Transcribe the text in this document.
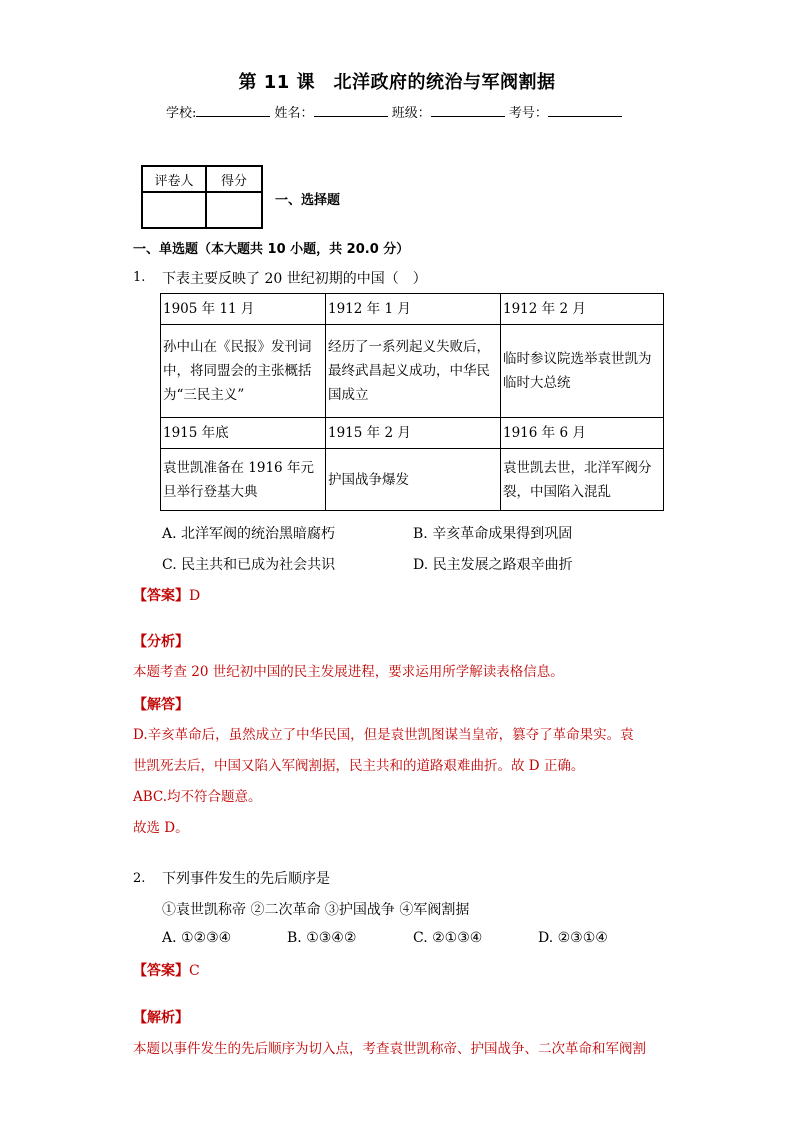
第 11 课　北洋政府的统治与军阀割据
学校:	姓名：	班级：	考号：
评卷人	得分

一、选择题
一、单选题（本大题共 10 小题，共 20.0 分）
1. 下表主要反映了 20 世纪初期的中国（　）
1905 年 11 月	1912 年 1 月	1912 年 2 月
孙中山在《民报》发刊词中，将同盟会的主张概括为“三民主义”	经历了一系列起义失败后，最终武昌起义成功，中华民国成立	临时参议院选举袁世凯为临时大总统
1915 年底	1915 年 2 月	1916 年 6 月
袁世凯准备在 1916 年元旦举行登基大典	护国战争爆发	袁世凯去世，北洋军阀分裂，中国陷入混乱
A. 北洋军阀的统治黑暗腐朽	B. 辛亥革命成果得到巩固
C. 民主共和已成为社会共识	D. 民主发展之路艰辛曲折
【答案】D
【分析】
本题考查 20 世纪初中国的民主发展进程，要求运用所学解读表格信息。
【解答】
D.辛亥革命后，虽然成立了中华民国，但是袁世凯图谋当皇帝，篡夺了革命果实。袁
世凯死去后，中国又陷入军阀割据，民主共和的道路艰难曲折。故 D 正确。
ABC.均不符合题意。
故选 D。
2. 下列事件发生的先后顺序是
①袁世凯称帝 ②二次革命 ③护国战争 ④军阀割据
A. ①②③④	B. ①③④②	C. ②①③④	D. ②③①④
【答案】C
【解析】
本题以事件发生的先后顺序为切入点，考查袁世凯称帝、护国战争、二次革命和军阀割
